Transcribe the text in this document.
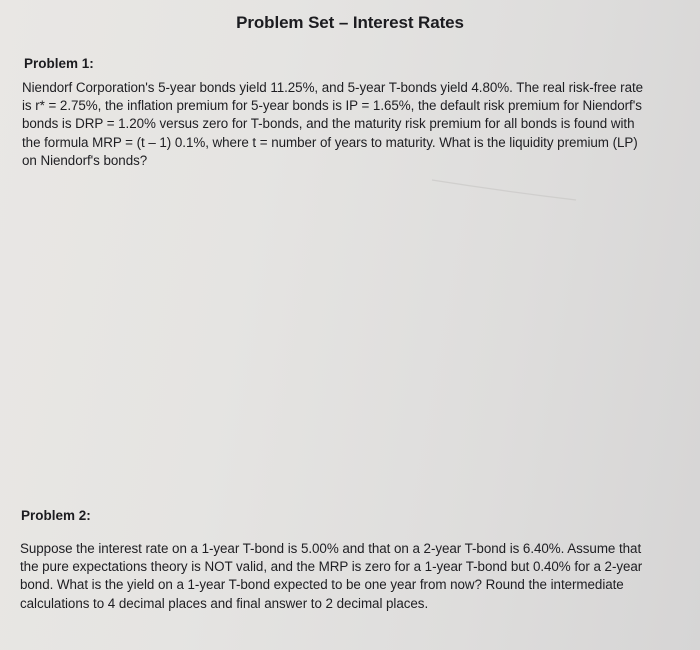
Problem Set – Interest Rates
Problem 1:
Niendorf Corporation's 5-year bonds yield 11.25%, and 5-year T-bonds yield 4.80%. The real risk-free rate
is r* = 2.75%, the inflation premium for 5-year bonds is IP = 1.65%, the default risk premium for Niendorf's
bonds is DRP = 1.20% versus zero for T-bonds, and the maturity risk premium for all bonds is found with
the formula MRP = (t – 1) 0.1%, where t = number of years to maturity. What is the liquidity premium (LP)
on Niendorf's bonds?
Problem 2:
Suppose the interest rate on a 1-year T-bond is 5.00% and that on a 2-year T-bond is 6.40%. Assume that
the pure expectations theory is NOT valid, and the MRP is zero for a 1-year T-bond but 0.40% for a 2-year
bond. What is the yield on a 1-year T-bond expected to be one year from now? Round the intermediate
calculations to 4 decimal places and final answer to 2 decimal places.
